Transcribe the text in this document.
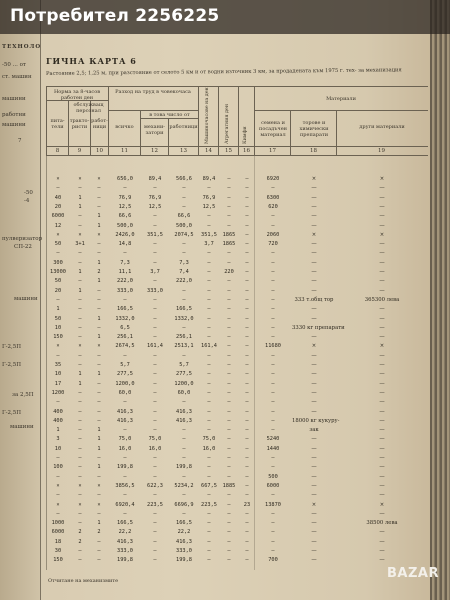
ТЕХНОЛО
-50 ... от
ст. машин
машини
работни
машини
7
-50
-4
пулверизатор
СП-22
машини
Г-2,5П
Г-2,5П
за 2,5П
Г-2,5П
машини
ГИЧНА КАРТА 6
Растояние 2,5; 1,25 м, при разстояние от селото 5 км и от водни източник 3 км, за продадената към 1975 г. тех- за механизация
Норма за 8-часов работен ден
обслужващ персонал
пита-тели
тракто-ристи
работ-ници
Разход на труд в човекочаса
всичко
в това число от
механи-затори
работници Машиночасове на ден	Агрегатния ден	Кимфи
Материали
семена и посадъчен материал
торове и химически препарати
други материали
8	9	10	11	12	13	14	15	16	17	18	19
×	×	×	656,0	89,4	566,6	89,4	—	—	6920	×	×
—	—	—	—	—	—	—	—	—	—	—	—
40	1	—	76,9	76,9	—	76,9	—	—	6300	—	—
20	1	—	12,5	12,5	—	12,5	—	—	620	—	—
6000	—	1	66,6	—	66,6	—	—	—	—	—	—
12	—	1	500,0	—	500,0	—	—	—	—	—	—
×	×	×	2426,0	351,5	2074,5	351,5	1865	—	2060	×	×
50	3+1	—	14,8	—	—	3,7	1865	—	720	—	—
—	—	—	—	—	—	—	—	—	—	—	—
300	—	1	7,3	—	7,3	—	—	—	—	—	—
13000	1	2	11,1	3,7	7,4	—	220	—	—	—	—
50	—	1	222,0	—	222,0	—	—	—	—	—	—
20	1	—	333,0	333,0	—	—	—	—	—	—	—
—	—	—	—	—	—	—	—	—	—	333 т.общ тор	365300 лева
1	—	—	166,5	—	166,5	—	—	—	—	—	—
50	—	1	1332,0	—	1332,0	—	—	—	—	—	—
10	—	—	6,5	—	—	—	—	—	—	3330 кг препарати	—
150	—	1	256,1	—	256,1	—	—	—	—	—	—
×	×	×	2674,5	161,4	2513,1	161,4	—	—	11680	×	×
—	—	—	—	—	—	—	—	—	—	—	—
35	—	—	5,7	—	5,7	—	—	—	—	—	—
10	1	1	277,5	—	277,5	—	—	—	—	—	—
17	1	—	1200,0	—	1200,0	—	—	—	—	—	—
1200	—	—	60,0	—	60,0	—	—	—	—	—	—
—	—	—	—	—	—	—	—	—	—	—	—
400	—	—	416,3	—	416,3	—	—	—	—	—	—
400	—	—	416,3	—	416,3	—	—	—	—	18000 кг кукуру-	—
1	—	1	—	—	—	—	—	—	—	зак	—
3	—	1	75,0	75,0	—	75,0	—	—	5240	—	—
10	—	1	16,0	16,0	—	16,0	—	—	1440	—	—
—	—	—	—	—	—	—	—	—	—	—	—
100	—	1	199,8	—	199,8	—	—	—	—	—	—
—	—	—	—	—	—	—	—	—	500	—	—
×	×	×	3856,5	622,3	5234,2	667,5	1885	—	6000	—	—
—	—	—	—	—	—	—	—	—	—	—	—
×	×	×	6920,4	223,5	6696,9	223,5	—	23	13870	×	×
—	—	—	—	—	—	—	—	—	—	—	—
1000	—	1	166,5	—	166,5	—	—	—	—	—	38500 лева
6000	2	2	22,2	—	22,2	—	—	—	—	—	—
18	2	—	416,3	—	416,3	—	—	—	—	—	—
30	—	—	333,0	—	333,0	—	—	—	—	—	—
150	—	—	199,8	—	199,8	—	—	—	700	—	—
Отчитане на механизмите
Потребител 2256225
BAZAR
